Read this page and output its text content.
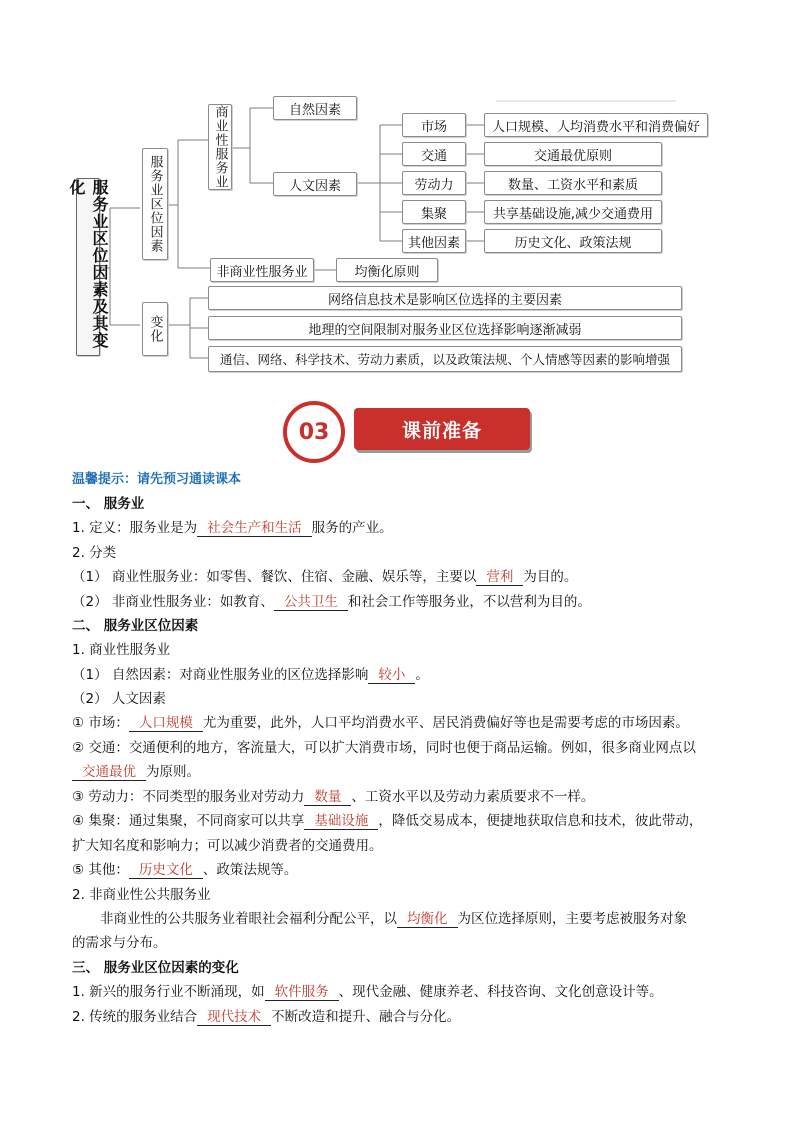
服务业区位因素及其变化	服务业区位因素
商业性服务业	自然因素
人文因素
市场	人口规模、人均消费水平和消费偏好
交通	交通最优原则
劳动力	数量、工资水平和素质
集聚	共享基础设施,减少交通费用
其他因素	历史文化、政策法规
非商业性服务业	均衡化原则
变化
网络信息技术是影响区位选择的主要因素
地理的空间限制对服务业区位选择影响逐渐减弱
通信、网络、科学技术、劳动力素质，以及政策法规、个人情感等因素的影响增强
课前准备
03
温馨提示：请先预习通读课本
一、 服务业
1. 定义：服务业是为 社会生产和生活 服务的产业。
2. 分类
（1） 商业性服务业：如零售、餐饮、住宿、金融、娱乐等，主要以 营利 为目的。
（2） 非商业性服务业：如教育、 公共卫生 和社会工作等服务业，不以营利为目的。
二、 服务业区位因素
1. 商业性服务业
（1） 自然因素：对商业性服务业的区位选择影响 较小 。
（2） 人文因素
① 市场： 人口规模 尤为重要，此外，人口平均消费水平、居民消费偏好等也是需要考虑的市场因素。
② 交通：交通便利的地方，客流量大，可以扩大消费市场，同时也便于商品运输。例如，很多商业网点以
交通最优 为原则。
③ 劳动力：不同类型的服务业对劳动力 数量 、工资水平以及劳动力素质要求不一样。
④ 集聚：通过集聚，不同商家可以共享 基础设施 ，降低交易成本，便捷地获取信息和技术，彼此带动，
扩大知名度和影响力；可以减少消费者的交通费用。
⑤ 其他： 历史文化 、政策法规等。
2. 非商业性公共服务业
非商业性的公共服务业着眼社会福利分配公平，以 均衡化 为区位选择原则，主要考虑被服务对象
的需求与分布。
三、 服务业区位因素的变化
1. 新兴的服务行业不断涌现，如 软件服务 、现代金融、健康养老、科技咨询、文化创意设计等。
2. 传统的服务业结合 现代技术 不断改造和提升、融合与分化。
